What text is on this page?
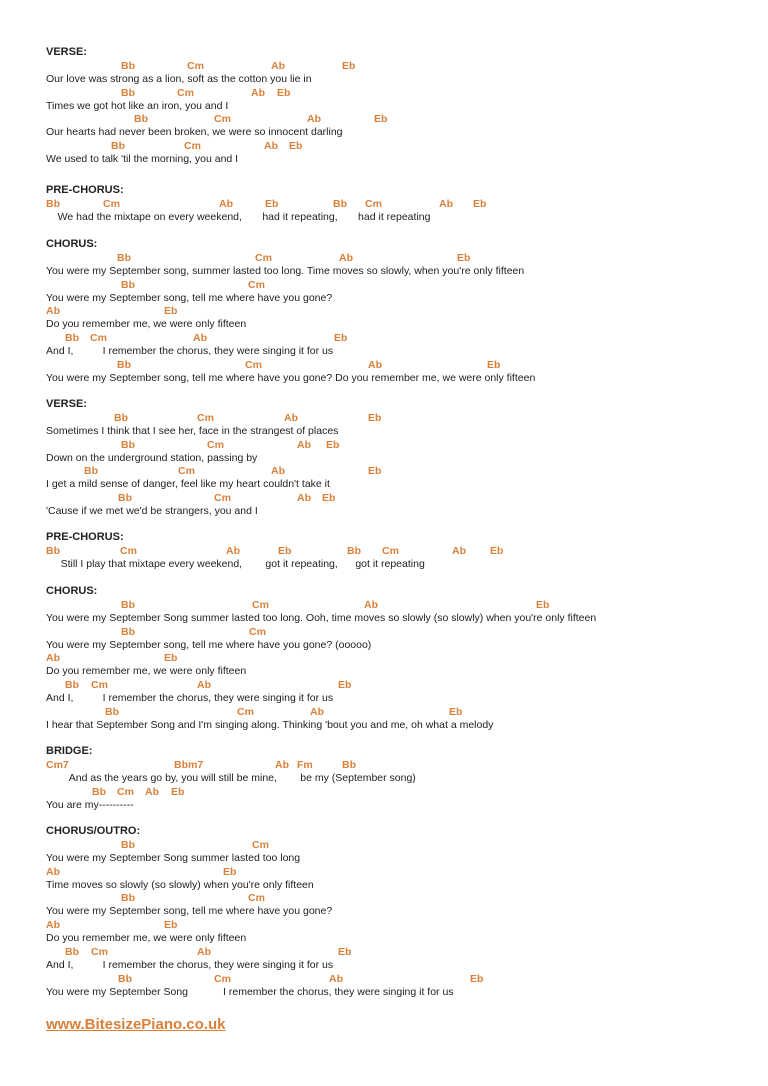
VERSE:
Bb	Cm	Ab	Eb
Our love was strong as a lion, soft as the cotton you lie in
Bb	Cm	Ab Eb
Times we got hot like an iron, you and I
Bb	Cm	Ab	Eb
Our hearts had never been broken, we were so innocent darling
Bb	Cm	Ab Eb
We used to talk 'til the morning, you and I
PRE-CHORUS:
Bb	Cm	Ab	Eb	Bb Cm	Ab Eb
We had the mixtape on every weekend,       had it repeating,       had it repeating
CHORUS:
Bb	Cm	Ab	Eb
You were my September song, summer lasted too long. Time moves so slowly, when you're only fifteen
Bb	Cm
You were my September song, tell me where have you gone?
Ab	Eb
Do you remember me, we were only fifteen
Bb Cm	Ab	Eb
And I,          I remember the chorus, they were singing it for us
Bb	Cm	Ab	Eb
You were my September song, tell me where have you gone? Do you remember me, we were only fifteen
VERSE:
Bb	Cm	Ab	Eb
Sometimes I think that I see her, face in the strangest of places
Bb	Cm	Ab Eb
Down on the underground station, passing by
Bb	Cm	Ab	Eb
I get a mild sense of danger, feel like my heart couldn't take it
Bb	Cm	Ab Eb
'Cause if we met we'd be strangers, you and I
PRE-CHORUS:
Bb	Cm	Ab	Eb	Bb Cm	Ab Eb
Still I play that mixtape every weekend,        got it repeating,      got it repeating
CHORUS:
Bb	Cm	Ab	Eb
You were my September Song summer lasted too long. Ooh, time moves so slowly (so slowly) when you're only fifteen
Bb	Cm
You were my September song, tell me where have you gone? (ooooo)
Ab	Eb
Do you remember me, we were only fifteen
Bb Cm	Ab	Eb
And I,          I remember the chorus, they were singing it for us
Bb	Cm	Ab	Eb
I hear that September Song and I'm singing along. Thinking 'bout you and me, oh what a melody
BRIDGE:
Cm7	Bbm7	Ab Fm	Bb
And as the years go by, you will still be mine,        be my (September song)
Bb Cm Ab Eb
You are my----------
CHORUS/OUTRO:
Bb	Cm
You were my September Song summer lasted too long
Ab	Eb
Time moves so slowly (so slowly) when you're only fifteen
Bb	Cm
You were my September song, tell me where have you gone?
Ab	Eb
Do you remember me, we were only fifteen
Bb Cm	Ab	Eb
And I,          I remember the chorus, they were singing it for us
Bb	Cm	Ab	Eb
You were my September Song            I remember the chorus, they were singing it for us
www.BitesizePiano.co.uk
